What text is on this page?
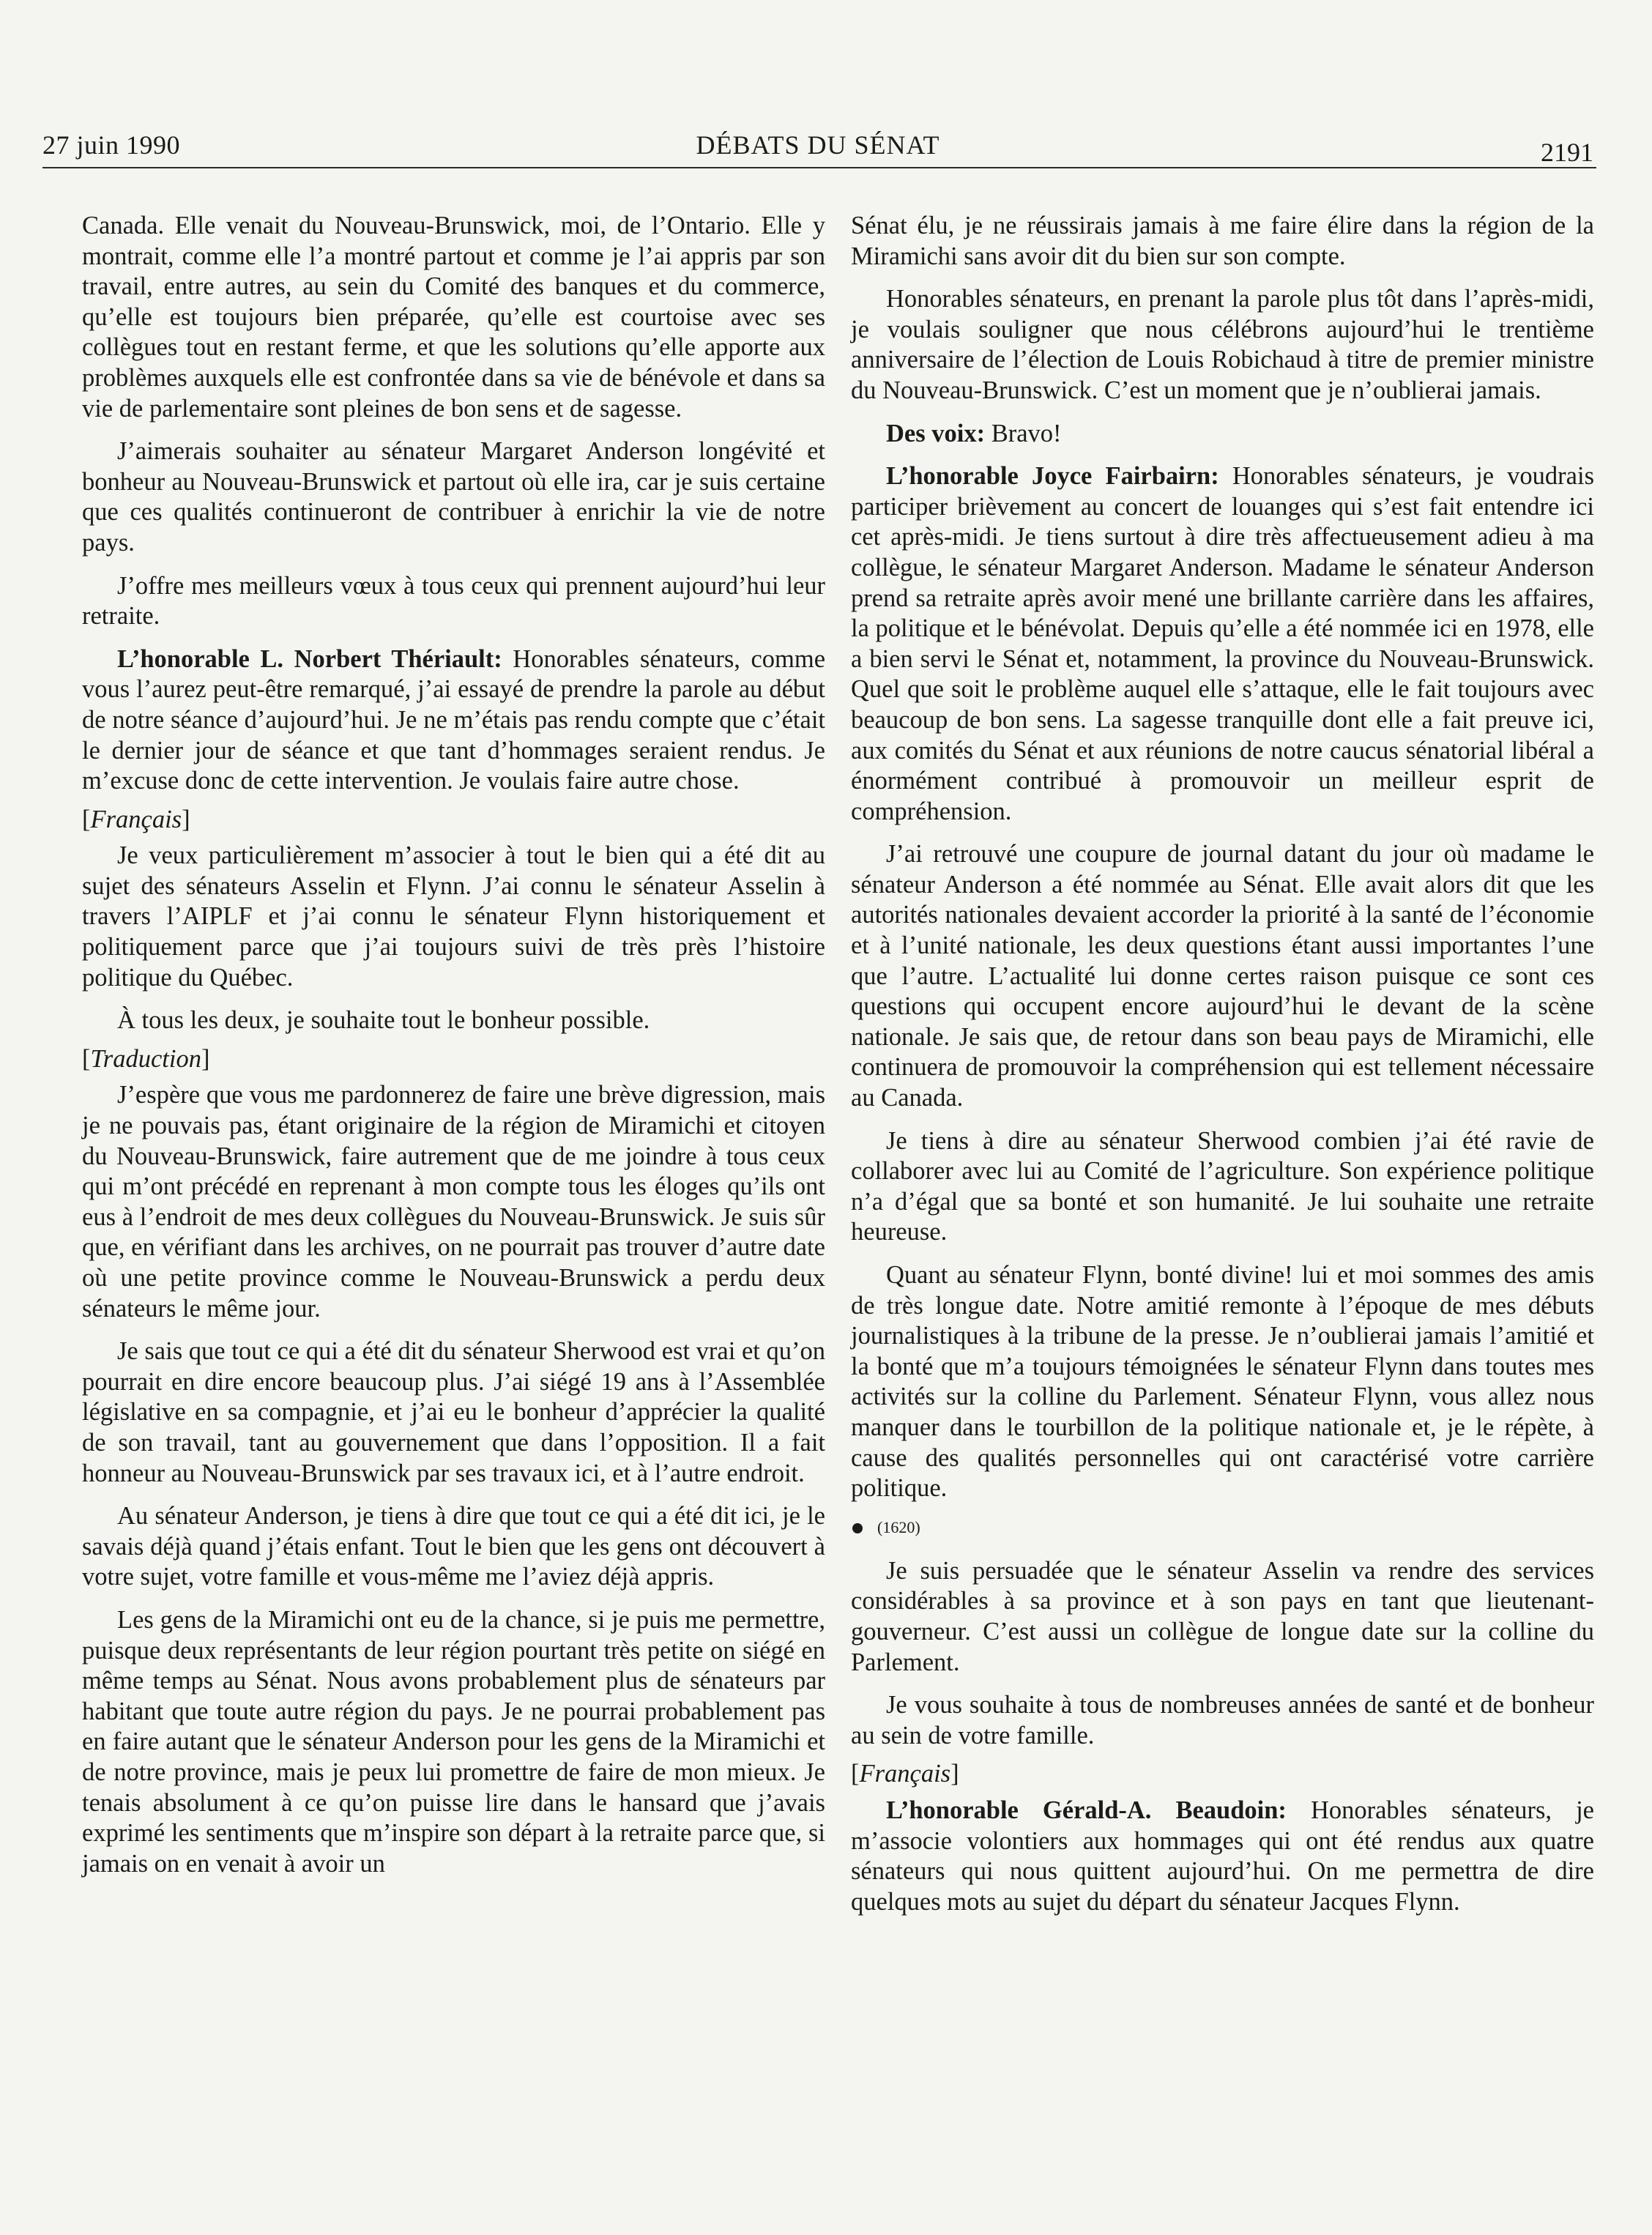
27 juin 1990	DÉBATS DU SÉNAT	2191

Canada. Elle venait du Nouveau-Brunswick, moi, de l’Ontario. Elle y montrait, comme elle l’a montré partout et comme je l’ai appris par son travail, entre autres, au sein du Comité des banques et du commerce, qu’elle est toujours bien préparée, qu’elle est courtoise avec ses collègues tout en restant ferme, et que les solutions qu’elle apporte aux problèmes auxquels elle est confrontée dans sa vie de bénévole et dans sa vie de parlementaire sont pleines de bon sens et de sagesse.

J’aimerais souhaiter au sénateur Margaret Anderson longévité et bonheur au Nouveau-Brunswick et partout où elle ira, car je suis certaine que ces qualités continueront de contribuer à enrichir la vie de notre pays.

J’offre mes meilleurs vœux à tous ceux qui prennent aujourd’hui leur retraite.

L’honorable L. Norbert Thériault: Honorables sénateurs, comme vous l’aurez peut-être remarqué, j’ai essayé de prendre la parole au début de notre séance d’aujourd’hui. Je ne m’étais pas rendu compte que c’était le dernier jour de séance et que tant d’hommages seraient rendus. Je m’excuse donc de cette intervention. Je voulais faire autre chose.

[Français]

Je veux particulièrement m’associer à tout le bien qui a été dit au sujet des sénateurs Asselin et Flynn. J’ai connu le sénateur Asselin à travers l’AIPLF et j’ai connu le sénateur Flynn historiquement et politiquement parce que j’ai toujours suivi de très près l’histoire politique du Québec.

À tous les deux, je souhaite tout le bonheur possible.

[Traduction]

J’espère que vous me pardonnerez de faire une brève digression, mais je ne pouvais pas, étant originaire de la région de Miramichi et citoyen du Nouveau-Brunswick, faire autrement que de me joindre à tous ceux qui m’ont précédé en reprenant à mon compte tous les éloges qu’ils ont eus à l’endroit de mes deux collègues du Nouveau-Brunswick. Je suis sûr que, en vérifiant dans les archives, on ne pourrait pas trouver d’autre date où une petite province comme le Nouveau-Brunswick a perdu deux sénateurs le même jour.

Je sais que tout ce qui a été dit du sénateur Sherwood est vrai et qu’on pourrait en dire encore beaucoup plus. J’ai siégé 19 ans à l’Assemblée législative en sa compagnie, et j’ai eu le bonheur d’apprécier la qualité de son travail, tant au gouvernement que dans l’opposition. Il a fait honneur au Nouveau-Brunswick par ses travaux ici, et à l’autre endroit.

Au sénateur Anderson, je tiens à dire que tout ce qui a été dit ici, je le savais déjà quand j’étais enfant. Tout le bien que les gens ont découvert à votre sujet, votre famille et vous-même me l’aviez déjà appris.

Les gens de la Miramichi ont eu de la chance, si je puis me permettre, puisque deux représentants de leur région pourtant très petite on siégé en même temps au Sénat. Nous avons probablement plus de sénateurs par habitant que toute autre région du pays. Je ne pourrai probablement pas en faire autant que le sénateur Anderson pour les gens de la Miramichi et de notre province, mais je peux lui promettre de faire de mon mieux. Je tenais absolument à ce qu’on puisse lire dans le hansard que j’avais exprimé les sentiments que m’inspire son départ à la retraite parce que, si jamais on en venait à avoir un

Sénat élu, je ne réussirais jamais à me faire élire dans la région de la Miramichi sans avoir dit du bien sur son compte.

Honorables sénateurs, en prenant la parole plus tôt dans l’après-midi, je voulais souligner que nous célébrons aujourd’hui le trentième anniversaire de l’élection de Louis Robichaud à titre de premier ministre du Nouveau-Brunswick. C’est un moment que je n’oublierai jamais.

Des voix: Bravo!

L’honorable Joyce Fairbairn: Honorables sénateurs, je voudrais participer brièvement au concert de louanges qui s’est fait entendre ici cet après-midi. Je tiens surtout à dire très affectueusement adieu à ma collègue, le sénateur Margaret Anderson. Madame le sénateur Anderson prend sa retraite après avoir mené une brillante carrière dans les affaires, la politique et le bénévolat. Depuis qu’elle a été nommée ici en 1978, elle a bien servi le Sénat et, notamment, la province du Nouveau-Brunswick. Quel que soit le problème auquel elle s’attaque, elle le fait toujours avec beaucoup de bon sens. La sagesse tranquille dont elle a fait preuve ici, aux comités du Sénat et aux réunions de notre caucus sénatorial libéral a énormément contribué à promouvoir un meilleur esprit de compréhension.

J’ai retrouvé une coupure de journal datant du jour où madame le sénateur Anderson a été nommée au Sénat. Elle avait alors dit que les autorités nationales devaient accorder la priorité à la santé de l’économie et à l’unité nationale, les deux questions étant aussi importantes l’une que l’autre. L’actualité lui donne certes raison puisque ce sont ces questions qui occupent encore aujourd’hui le devant de la scène nationale. Je sais que, de retour dans son beau pays de Miramichi, elle continuera de promouvoir la compréhension qui est tellement nécessaire au Canada.

Je tiens à dire au sénateur Sherwood combien j’ai été ravie de collaborer avec lui au Comité de l’agriculture. Son expérience politique n’a d’égal que sa bonté et son humanité. Je lui souhaite une retraite heureuse.

Quant au sénateur Flynn, bonté divine! lui et moi sommes des amis de très longue date. Notre amitié remonte à l’époque de mes débuts journalistiques à la tribune de la presse. Je n’oublierai jamais l’amitié et la bonté que m’a toujours témoignées le sénateur Flynn dans toutes mes activités sur la colline du Parlement. Sénateur Flynn, vous allez nous manquer dans le tourbillon de la politique nationale et, je le répète, à cause des qualités personnelles qui ont caractérisé votre carrière politique.

(1620)

Je suis persuadée que le sénateur Asselin va rendre des services considérables à sa province et à son pays en tant que lieutenant-gouverneur. C’est aussi un collègue de longue date sur la colline du Parlement.

Je vous souhaite à tous de nombreuses années de santé et de bonheur au sein de votre famille.

[Français]

L’honorable Gérald-A. Beaudoin: Honorables sénateurs, je m’associe volontiers aux hommages qui ont été rendus aux quatre sénateurs qui nous quittent aujourd’hui. On me permettra de dire quelques mots au sujet du départ du sénateur Jacques Flynn.
